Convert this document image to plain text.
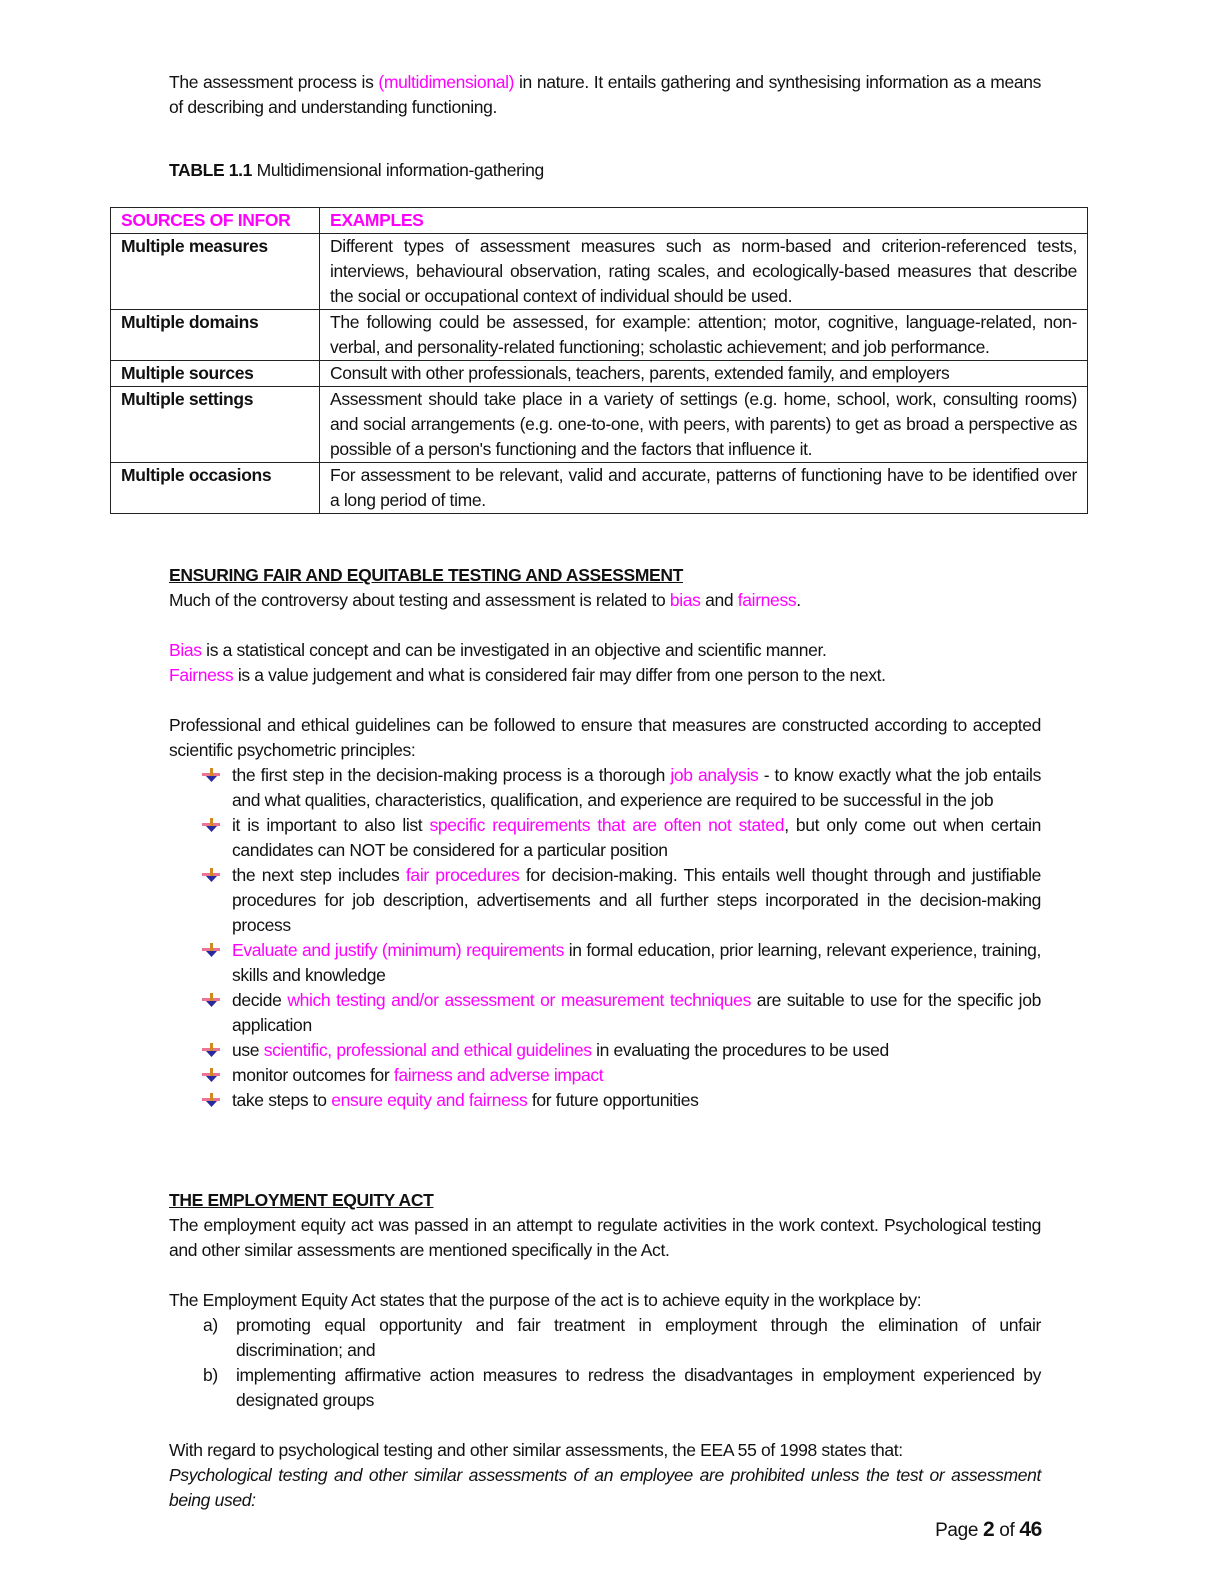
The assessment process is (multidimensional) in nature. It entails gathering and synthesising information as a means of describing and understanding functioning.

TABLE 1.1 Multidimensional information-gathering

SOURCES OF INFOR	EXAMPLES
Multiple measures	Different types of assessment measures such as norm-based and criterion-referenced tests, interviews, behavioural observation, rating scales, and ecologically-based measures that describe the social or occupational context of individual should be used.
Multiple domains	The following could be assessed, for example: attention; motor, cognitive, language-related, non-verbal, and personality-related functioning; scholastic achievement; and job performance.
Multiple sources	Consult with other professionals, teachers, parents, extended family, and employers
Multiple settings	Assessment should take place in a variety of settings (e.g. home, school, work, consulting rooms) and social arrangements (e.g. one-to-one, with peers, with parents) to get as broad a perspective as possible of a person's functioning and the factors that influence it.
Multiple occasions	For assessment to be relevant, valid and accurate, patterns of functioning have to be identified over a long period of time.
ENSURING FAIR AND EQUITABLE TESTING AND ASSESSMENT
Much of the controversy about testing and assessment is related to bias and fairness.
Bias is a statistical concept and can be investigated in an objective and scientific manner.
Fairness is a value judgement and what is considered fair may differ from one person to the next.
Professional and ethical guidelines can be followed to ensure that measures are constructed according to accepted scientific psychometric principles:
the first step in the decision-making process is a thorough job analysis - to know exactly what the job entails and what qualities, characteristics, qualification, and experience are required to be successful in the job
it is important to also list specific requirements that are often not stated, but only come out when certain candidates can NOT be considered for a particular position
the next step includes fair procedures for decision-making. This entails well thought through and justifiable procedures for job description, advertisements and all further steps incorporated in the decision-making process
Evaluate and justify (minimum) requirements in formal education, prior learning, relevant experience, training, skills and knowledge
decide which testing and/or assessment or measurement techniques are suitable to use for the specific job application
use scientific, professional and ethical guidelines in evaluating the procedures to be used
monitor outcomes for fairness and adverse impact
take steps to ensure equity and fairness for future opportunities
THE EMPLOYMENT EQUITY ACT
The employment equity act was passed in an attempt to regulate activities in the work context. Psychological testing and other similar assessments are mentioned specifically in the Act.
The Employment Equity Act states that the purpose of the act is to achieve equity in the workplace by:
a) promoting equal opportunity and fair treatment in employment through the elimination of unfair discrimination; and
b) implementing affirmative action measures to redress the disadvantages in employment experienced by designated groups
With regard to psychological testing and other similar assessments, the EEA 55 of 1998 states that:
Psychological testing and other similar assessments of an employee are prohibited unless the test or assessment being used:
Page 2 of 46
